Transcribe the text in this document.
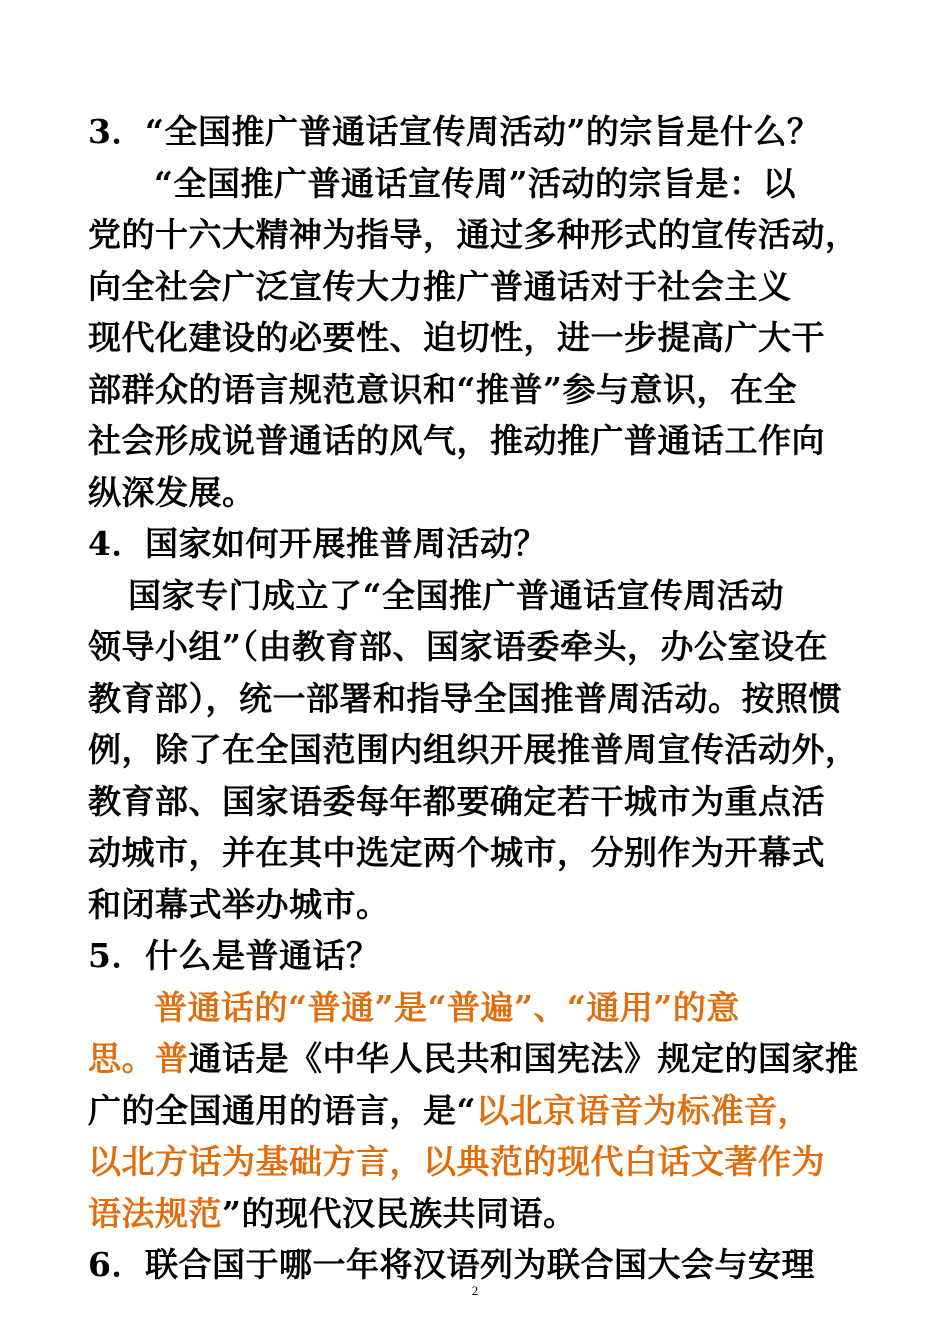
3．“全国推广普通话宣传周活动”的宗旨是什么？
“全国推广普通话宣传周”活动的宗旨是：以
党的十六大精神为指导，通过多种形式的宣传活动，
向全社会广泛宣传大力推广普通话对于社会主义
现代化建设的必要性、迫切性，进一步提高广大干
部群众的语言规范意识和“推普”参与意识，在全
社会形成说普通话的风气，推动推广普通话工作向
纵深发展。
4．国家如何开展推普周活动？
国家专门成立了“全国推广普通话宣传周活动
领导小组”（由教育部、国家语委牵头，办公室设在
教育部），统一部署和指导全国推普周活动。按照惯
例，除了在全国范围内组织开展推普周宣传活动外，
教育部、国家语委每年都要确定若干城市为重点活
动城市，并在其中选定两个城市，分别作为开幕式
和闭幕式举办城市。
5．什么是普通话？
普通话的“普通”是“普遍”、“通用”的意
思。普通话是《中华人民共和国宪法》规定的国家推
广的全国通用的语言，是“以北京语音为标准音，
以北方话为基础方言，以典范的现代白话文著作为
语法规范”的现代汉民族共同语。
6．联合国于哪一年将汉语列为联合国大会与安理
2
